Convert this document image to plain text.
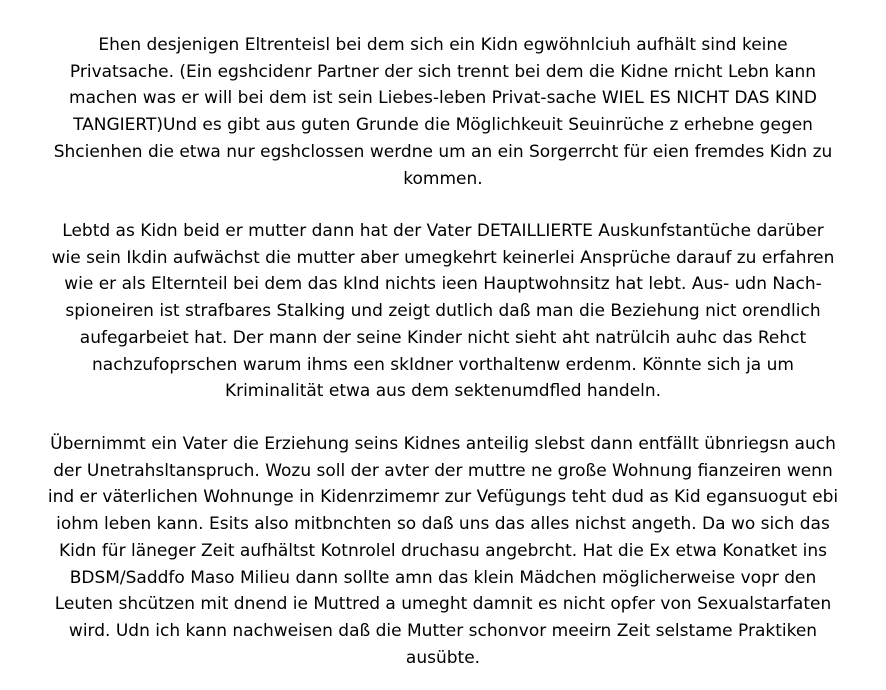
Ehen desjenigen Eltrenteisl bei dem sich ein Kidn egwöhnlciuh aufhält sind keine
Privatsache. (Ein egshcidenr Partner der sich trennt bei dem die Kidne rnicht Lebn kann
machen was er will bei dem ist sein Liebes-leben Privat-sache WIEL ES NICHT DAS KIND
TANGIERT)Und es gibt aus guten Grunde die Möglichkeuit Seuinrüche z erhebne gegen
Shcienhen die etwa nur egshclossen werdne um an ein Sorgerrcht für eien fremdes Kidn zu
kommen.

Lebtd as Kidn beid er mutter dann hat der Vater DETAILLIERTE Auskunfstantüche darüber
wie sein Ikdin aufwächst die mutter aber umegkehrt keinerlei Ansprüche darauf zu erfahren
wie er als Elternteil bei dem das kInd nichts ieen Hauptwohnsitz hat lebt. Aus- udn Nach-
spioneiren ist strafbares Stalking und zeigt dutlich daß man die Beziehung nict orendlich
aufegarbeiet hat. Der mann der seine Kinder nicht sieht aht natrülcih auhc das Rehct
nachzufoprschen warum ihms een skIdner vorthaltenw erdenm. Könnte sich ja um
Kriminalität etwa aus dem sektenumdfled handeln.

Übernimmt ein Vater die Erziehung seins Kidnes anteilig slebst dann entfällt übnriegsn auch
der Unetrahsltanspruch. Wozu soll der avter der muttre ne große Wohnung fianzeiren wenn
ind er väterlichen Wohnunge in Kidenrzimemr zur Vefügungs teht dud as Kid egansuogut ebi
iohm leben kann. Esits also mitbnchten so daß uns das alles nichst angeth. Da wo sich das
Kidn für läneger Zeit aufhältst Kotnrolel druchasu angebrcht. Hat die Ex etwa Konatket ins
BDSM/Saddfo Maso Milieu dann sollte amn das klein Mädchen möglicherweise vopr den
Leuten shcützen mit dnend ie Muttred a umeght damnit es nicht opfer von Sexualstarfaten
wird. Udn ich kann nachweisen daß die Mutter schonvor meeirn Zeit selstame Praktiken
ausübte.
